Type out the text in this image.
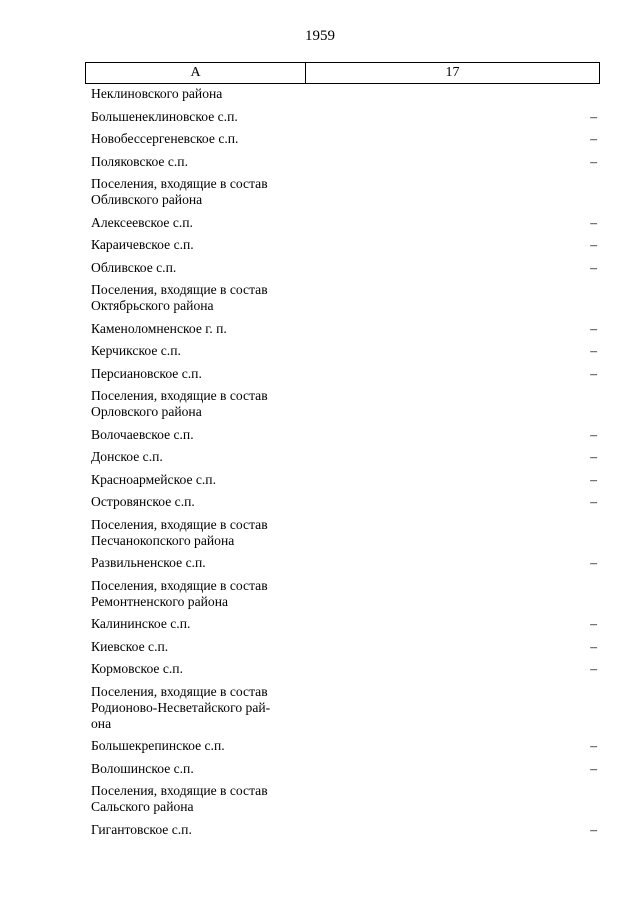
1959
А	17
Неклиновского района
Большенеклиновское с.п.	–
Новобессергеневское с.п.	–
Поляковское с.п.	–
Поселения, входящие в состав
Обливского района
Алексеевское с.п.	–
Караичевское с.п.	–
Обливское с.п.	–
Поселения, входящие в состав
Октябрьского района
Каменоломненское г. п.	–
Керчикское с.п.	–
Персиановское с.п.	–
Поселения, входящие в состав
Орловского района
Волочаевское с.п.	–
Донское с.п.	–
Красноармейское с.п.	–
Островянское с.п.	–
Поселения, входящие в состав
Песчанокопского района
Развильненское с.п.	–
Поселения, входящие в состав
Ремонтненского района
Калининское с.п.	–
Киевское с.п.	–
Кормовское с.п.	–
Поселения, входящие в состав
Родионово-Несветайского рай-
она
Большекрепинское с.п.	–
Волошинское с.п.	–
Поселения, входящие в состав
Сальского района
Гигантовское с.п.	–
